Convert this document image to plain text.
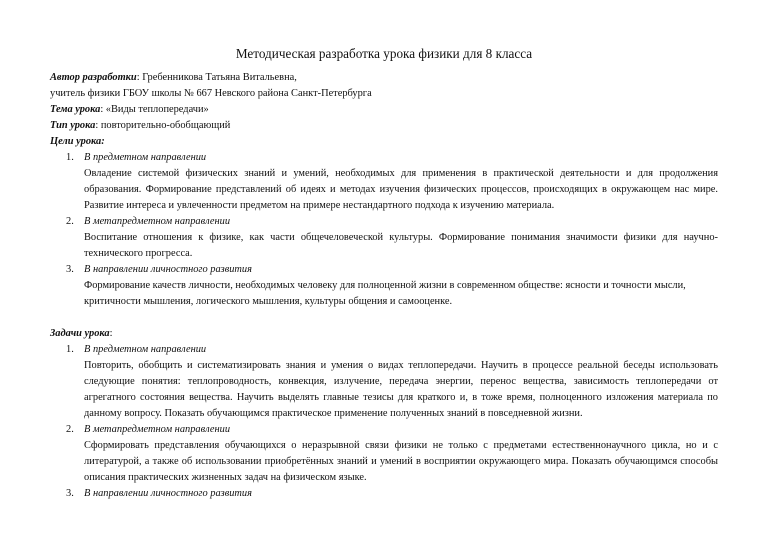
Методическая разработка урока физики для 8 класса
Автор разработки: Гребенникова Татьяна Витальевна,
учитель физики ГБОУ школы № 667 Невского района Санкт-Петербурга
Тема урока: «Виды теплопередачи»
Тип урока: повторительно-обобщающий
Цели урока:
1. В предметном направлении
Овладение системой физических знаний и умений, необходимых для применения в практической деятельности и для продолжения образования. Формирование представлений об идеях и методах изучения физических процессов, происходящих в окружающем нас мире. Развитие интереса и увлеченности предметом на примере нестандартного подхода к изучению материала.
2. В метапредметном направлении
Воспитание отношения к физике, как части общечеловеческой культуры. Формирование понимания значимости физики для научно-технического прогресса.
3. В направлении личностного развития
Формирование качеств личности, необходимых человеку для полноценной жизни в современном обществе: ясности и точности мысли, критичности мышления, логического мышления, культуры общения и самооценке.
Задачи урока:
1. В предметном направлении
Повторить, обобщить и систематизировать знания и умения о видах теплопередачи. Научить в процессе реальной беседы использовать следующие понятия: теплопроводность, конвекция, излучение, передача энергии, перенос вещества, зависимость теплопередачи от агрегатного состояния вещества. Научить выделять главные тезисы для краткого и, в тоже время, полноценного изложения материала по данному вопросу. Показать обучающимся практическое применение полученных знаний в повседневной жизни.
2. В метапредметном направлении
Сформировать представления обучающихся о неразрывной связи физики не только с предметами естественнонаучного цикла, но и с литературой, а также об использовании приобретённых знаний и умений в восприятии окружающего мира. Показать обучающимся способы описания практических жизненных задач на физическом языке.
3. В направлении личностного развития
